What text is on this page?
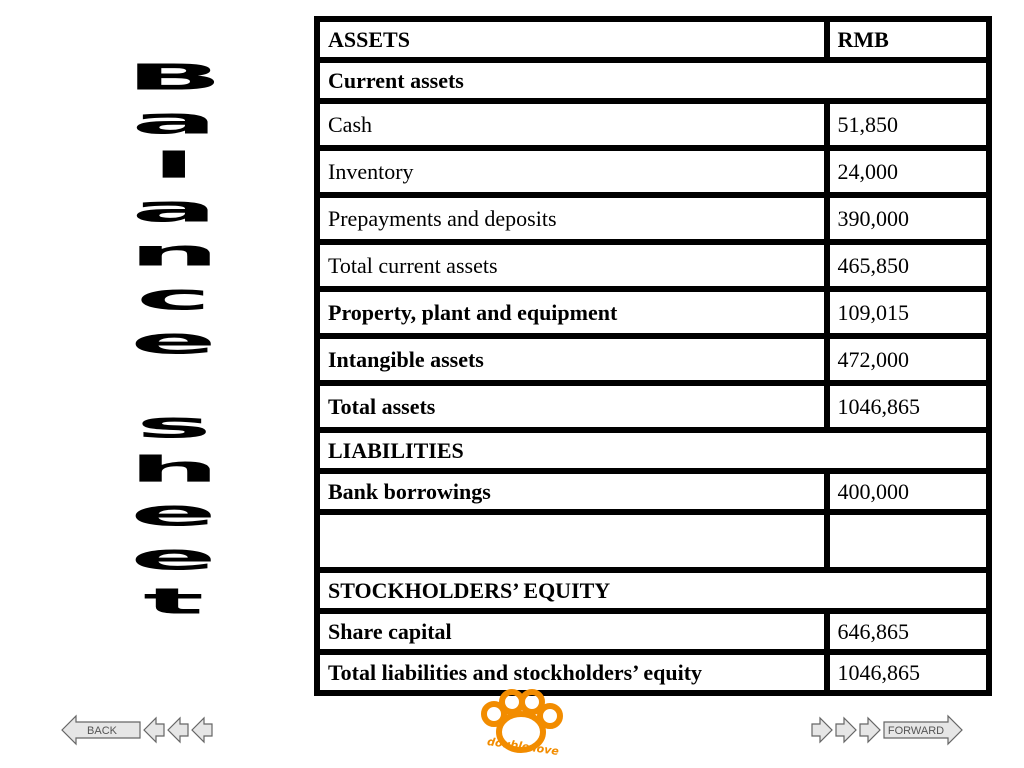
B
a
l
a
n
c
e
s
h
e
e
t
ASSETS	RMB
Current assets	
Cash	51,850
Inventory	24,000
Prepayments and deposits	390,000
Total current assets	465,850
Property, plant and equipment	109,015
Intangible assets	472,000
Total assets	1046,865
LIABILITIES	
Bank borrowings	400,000

STOCKHOLDERS’ EQUITY	
Share capital	646,865
Total liabilities and stockholders’ equity	1046,865
BACK
double love
FORWARD
